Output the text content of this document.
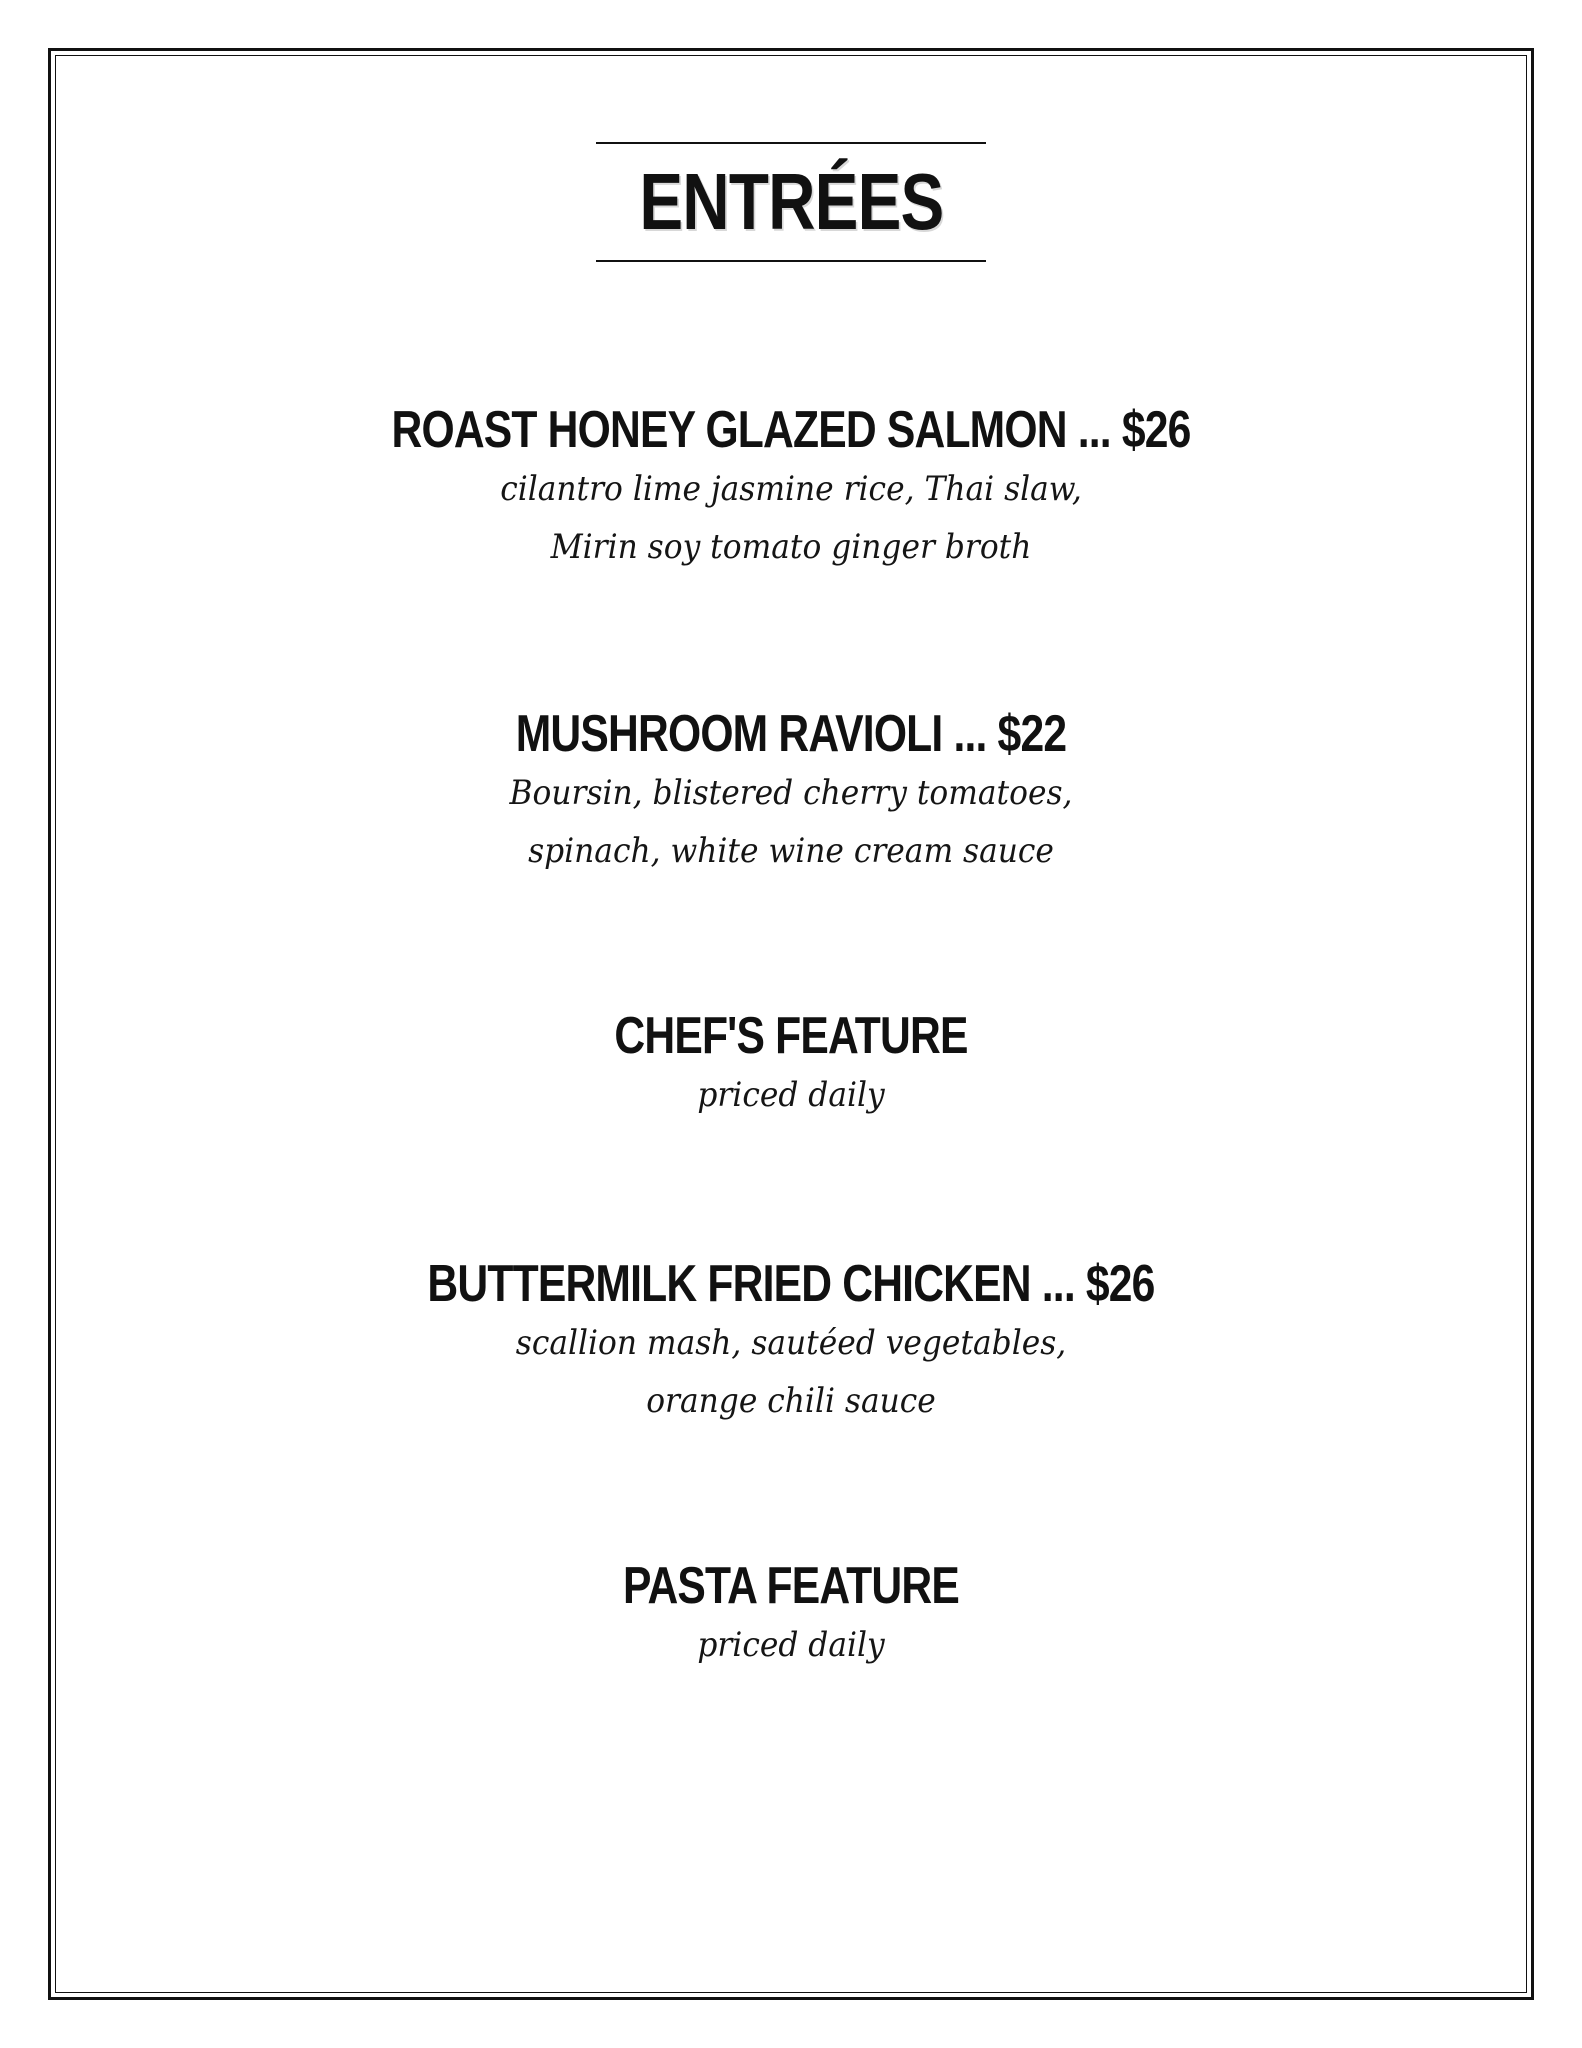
ENTRÉES
ROAST HONEY GLAZED SALMON ... $26
cilantro lime jasmine rice, Thai slaw,
Mirin soy tomato ginger broth
MUSHROOM RAVIOLI ... $22
Boursin, blistered cherry tomatoes,
spinach, white wine cream sauce
CHEF'S FEATURE
priced daily
BUTTERMILK FRIED CHICKEN ... $26
scallion mash, sautéed vegetables,
orange chili sauce
PASTA FEATURE
priced daily
